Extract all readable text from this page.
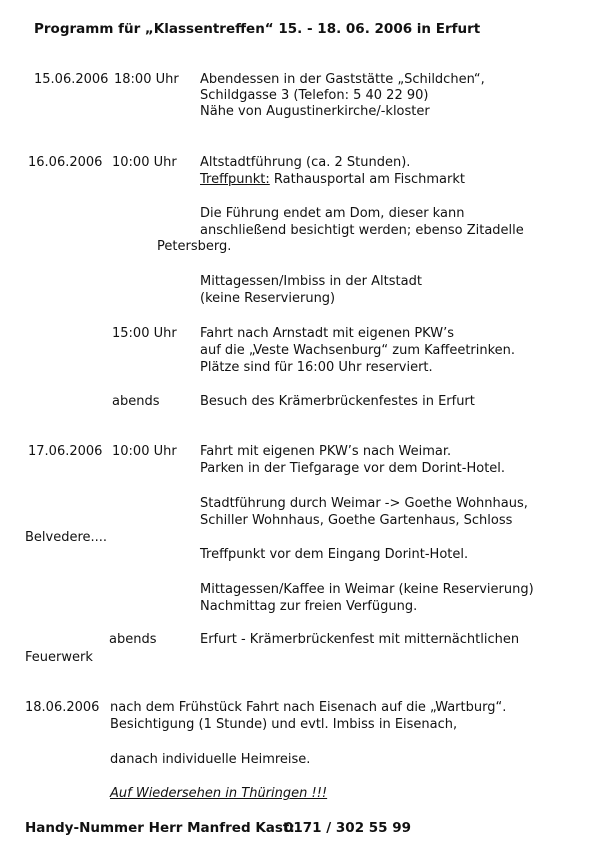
Programm für „Klassentreffen“ 15. - 18. 06. 2006 in Erfurt
15.06.2006 18:00 Uhr Abendessen in der Gaststätte „Schildchen“,
Schildgasse 3 (Telefon: 5 40 22 90)
Nähe von Augustinerkirche/-kloster
16.06.2006 10:00 Uhr Altstadtführung (ca. 2 Stunden).
Treffpunkt: Rathausportal am Fischmarkt
Die Führung endet am Dom, dieser kann
anschließend besichtigt werden; ebenso Zitadelle
Petersberg.
Mittagessen/Imbiss in der Altstadt
(keine Reservierung)
15:00 Uhr Fahrt nach Arnstadt mit eigenen PKW’s
auf die „Veste Wachsenburg“ zum Kaffeetrinken.
Plätze sind für 16:00 Uhr reserviert.
abends	Besuch des Krämerbrückenfestes in Erfurt
17.06.2006 10:00 Uhr Fahrt mit eigenen PKW’s nach Weimar.
Parken in der Tiefgarage vor dem Dorint-Hotel.
Stadtführung durch Weimar -> Goethe Wohnhaus,
Schiller Wohnhaus, Goethe Gartenhaus, Schloss
Belvedere....
Treffpunkt vor dem Eingang Dorint-Hotel.
Mittagessen/Kaffee in Weimar (keine Reservierung)
Nachmittag zur freien Verfügung.
abends	Erfurt - Krämerbrückenfest mit mitternächtlichen
Feuerwerk
18.06.2006 nach dem Frühstück Fahrt nach Eisenach auf die „Wartburg“.
Besichtigung (1 Stunde) und evtl. Imbiss in Eisenach,
danach individuelle Heimreise.
Auf Wiedersehen in Thüringen !!!
Handy-Nummer Herr Manfred Kast:
0171 / 302 55 99
